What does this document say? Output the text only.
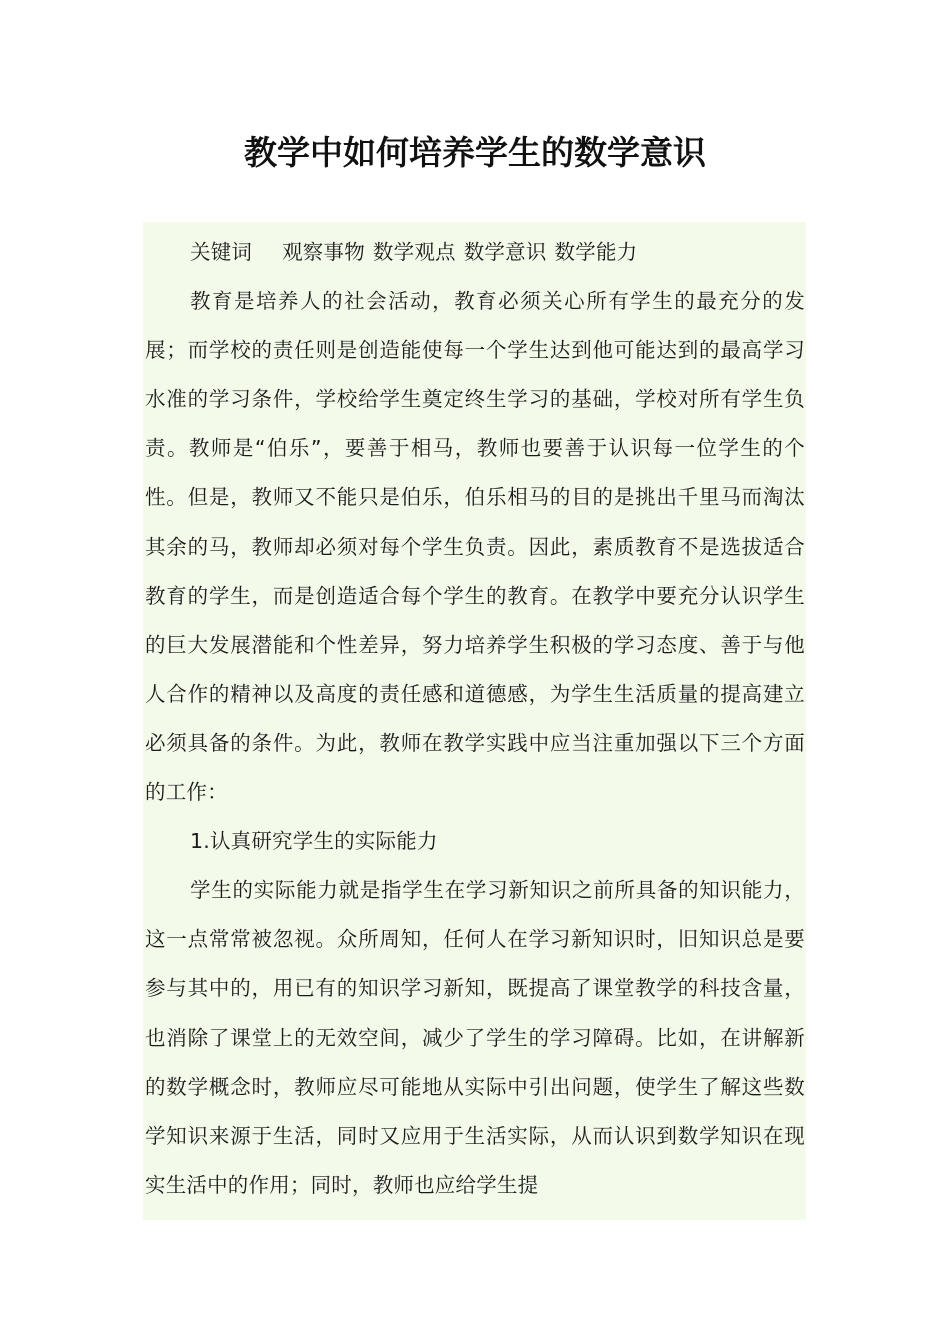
教学中如何培养学生的数学意识

关键词 观察事物 数学观点 数学意识 数学能力

教育是培养人的社会活动，教育必须关心所有学生的最充分的发展；而学校的责任则是创造能使每一个学生达到他可能达到的最高学习水准的学习条件，学校给学生奠定终生学习的基础，学校对所有学生负责。教师是“伯乐”，要善于相马，教师也要善于认识每一位学生的个性。但是，教师又不能只是伯乐，伯乐相马的目的是挑出千里马而淘汰其余的马，教师却必须对每个学生负责。因此，素质教育不是选拔适合教育的学生，而是创造适合每个学生的教育。在教学中要充分认识学生的巨大发展潜能和个性差异，努力培养学生积极的学习态度、善于与他人合作的精神以及高度的责任感和道德感，为学生生活质量的提高建立必须具备的条件。为此，教师在教学实践中应当注重加强以下三个方面的工作：

1.认真研究学生的实际能力

学生的实际能力就是指学生在学习新知识之前所具备的知识能力，这一点常常被忽视。众所周知，任何人在学习新知识时，旧知识总是要参与其中的，用已有的知识学习新知，既提高了课堂教学的科技含量，也消除了课堂上的无效空间，减少了学生的学习障碍。比如，在讲解新的数学概念时，教师应尽可能地从实际中引出问题，使学生了解这些数学知识来源于生活，同时又应用于生活实际，从而认识到数学知识在现实生活中的作用；同时，教师也应给学生提
